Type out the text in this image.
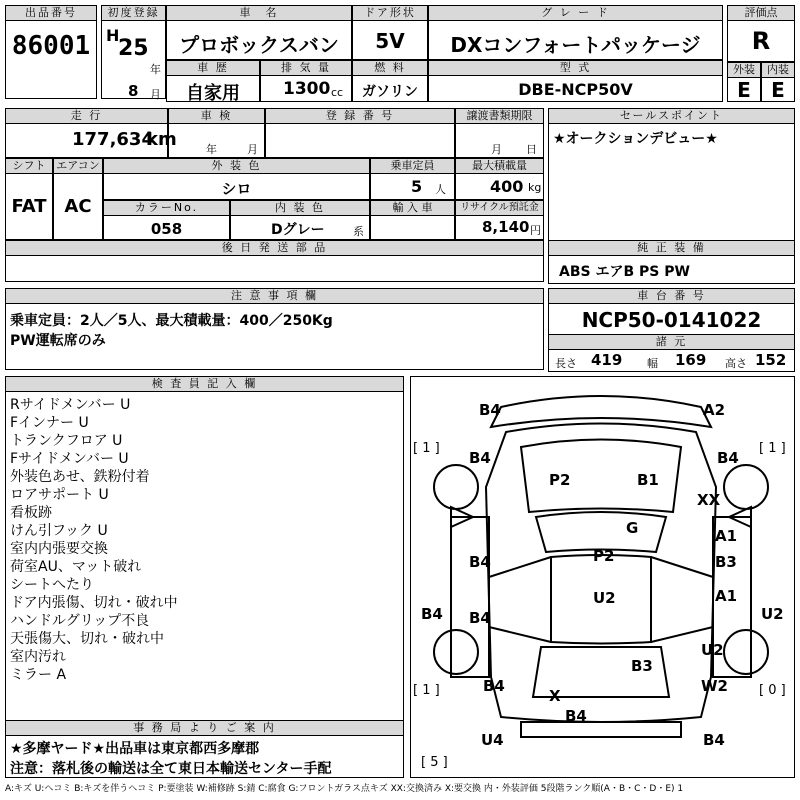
出品番号
86001
初度登録
H
25
年
8 月
車　名
プロボックスバン
ドア形状
5V
グ レ ー ド
DXコンフォートパッケージ
評価点
R
車 歴
自家用
排 気 量
1300 cc
燃 料
ガソリン
型 式
DBE-NCP50V
外装
E
内装
E
走 行
177,634
km
車 検
年	月
登 録 番 号	譲渡書類期限
月 日
セールスポイント
★オークションデビュー★
シフト
FAT
エアコン
AC
外 装 色
シロ
乗車定員
5 人
最大積載量
400 kg
カラーNo.
058
内 装 色
Dグレー	系
輸 入 車	リサイクル預託金
8,140 円
後 日 発 送 部 品	純 正 装 備
ABS エアB PS PW
注 意 事 項 欄
乗車定員：2人／5人、最大積載量：400／250Kg
PW運転席のみ
車 台 番 号
NCP50-0141022
諸 元
長さ 419 幅 169 高さ 152
検 査 員 記 入 欄
Rサイドメンバー U
Fインナー U
トランクフロア U
Fサイドメンバー U
外装色あせ、鉄粉付着
ロアサポート U
看板跡
けん引フック U
室内内張要交換
荷室AU、マット破れ
シートへたり
ドア内張傷、切れ・破れ中
ハンドルグリップ不良
天張傷大、切れ・破れ中
室内汚れ
ミラー A
事 務 局 よ り ご 案 内
★多摩ヤード★出品車は東京都西多摩郡
注意：落札後の輸送は全て東日本輸送センター手配
A:キズ U:ヘコミ B:キズを伴うヘコミ P:要塗装 W:補修跡 S:錆 C:腐食 G:フロントガラス点キズ XX:交換済み X:要交換 内・外装評価 5段階ランク順(A・B・C・D・E) 1
[ 1 ]	[ 1 ]
[ 1 ]	[ 0 ]
[ 5 ]
B4	A2
B4	B4
P2	B1
XX
G
B4
A1
B3
P2
U2
B4
A1
U2
B4
U2
B3
B4	W2
X
B4
U4	B4
